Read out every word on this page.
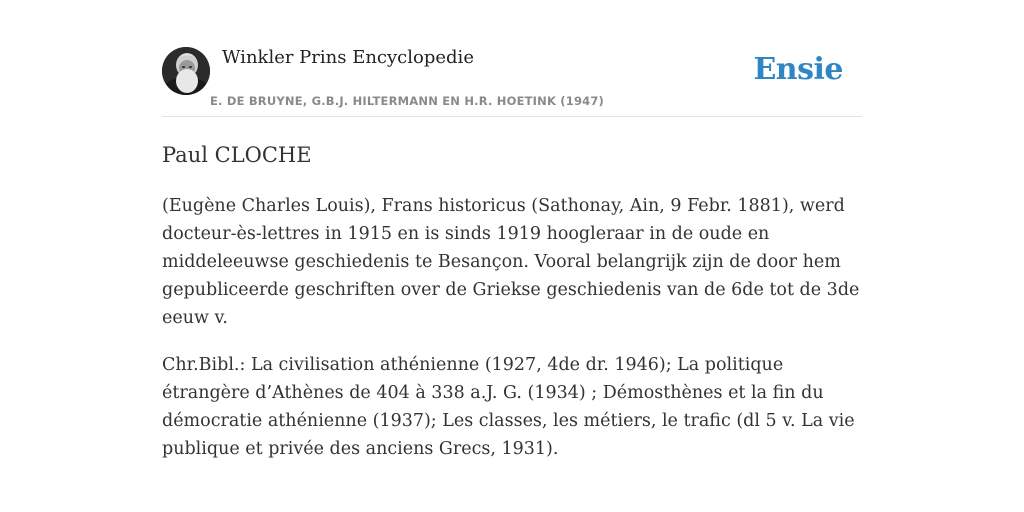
Winkler Prins Encyclopedie
E. DE BRUYNE, G.B.J. HILTERMANN EN H.R. HOETINK (1947)
Ensie
Paul CLOCHE

(Eugène Charles Louis), Frans historicus (Sathonay, Ain, 9 Febr. 1881), werd docteur-ès-lettres in 1915 en is sinds 1919 hoogleraar in de oude en middeleeuwse geschiedenis te Besançon. Vooral belangrijk zijn de door hem gepubliceerde geschriften over de Griekse geschiedenis van de 6de tot de 3de eeuw v.

Chr.Bibl.: La civilisation athénienne (1927, 4de dr. 1946); La politique étrangère d’Athènes de 404 à 338 a.J. G. (1934) ; Démosthènes et la fin du démocratie athénienne (1937); Les classes, les métiers, le trafic (dl 5 v. La vie publique et privée des anciens Grecs, 1931).
